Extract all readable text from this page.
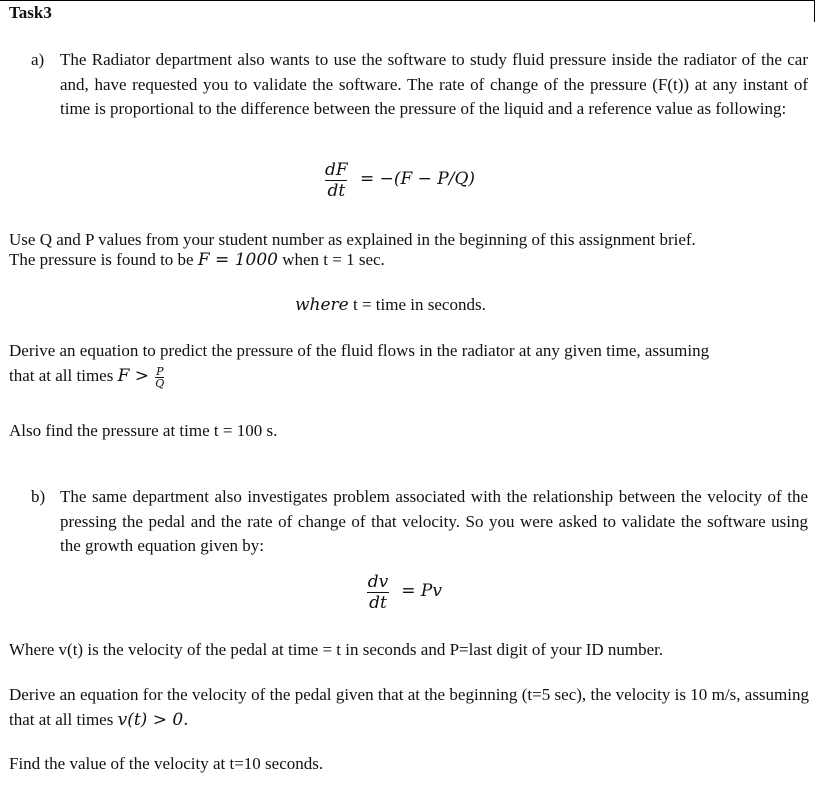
Task3
a) The Radiator department also wants to use the software to study fluid pressure inside the radiator of the car and, have requested you to validate the software. The rate of change of the pressure (F(t)) at any instant of time is proportional to the difference between the pressure of the liquid and a reference value as following:
$\frac{dF}{dt} = -(F - P/Q)$
Use Q and P values from your student number as explained in the beginning of this assignment brief.
The pressure is found to be F = 1000 when t = 1 sec.
where t = time in seconds.
Derive an equation to predict the pressure of the fluid flows in the radiator at any given time, assuming
that at all times $F > \frac{P}{Q}$
Also find the pressure at time t = 100 s.
b) The same department also investigates problem associated with the relationship between the velocity of the pressing the pedal and the rate of change of that velocity. So you were asked to validate the software using the growth equation given by:
$\frac{dv}{dt} = Pv$
Where v(t) is the velocity of the pedal at time = t in seconds and P=last digit of your ID number.
Derive an equation for the velocity of the pedal given that at the beginning (t=5 sec), the velocity is 10 m/s, assuming that at all times v(t) > 0.
Find the value of the velocity at t=10 seconds.
